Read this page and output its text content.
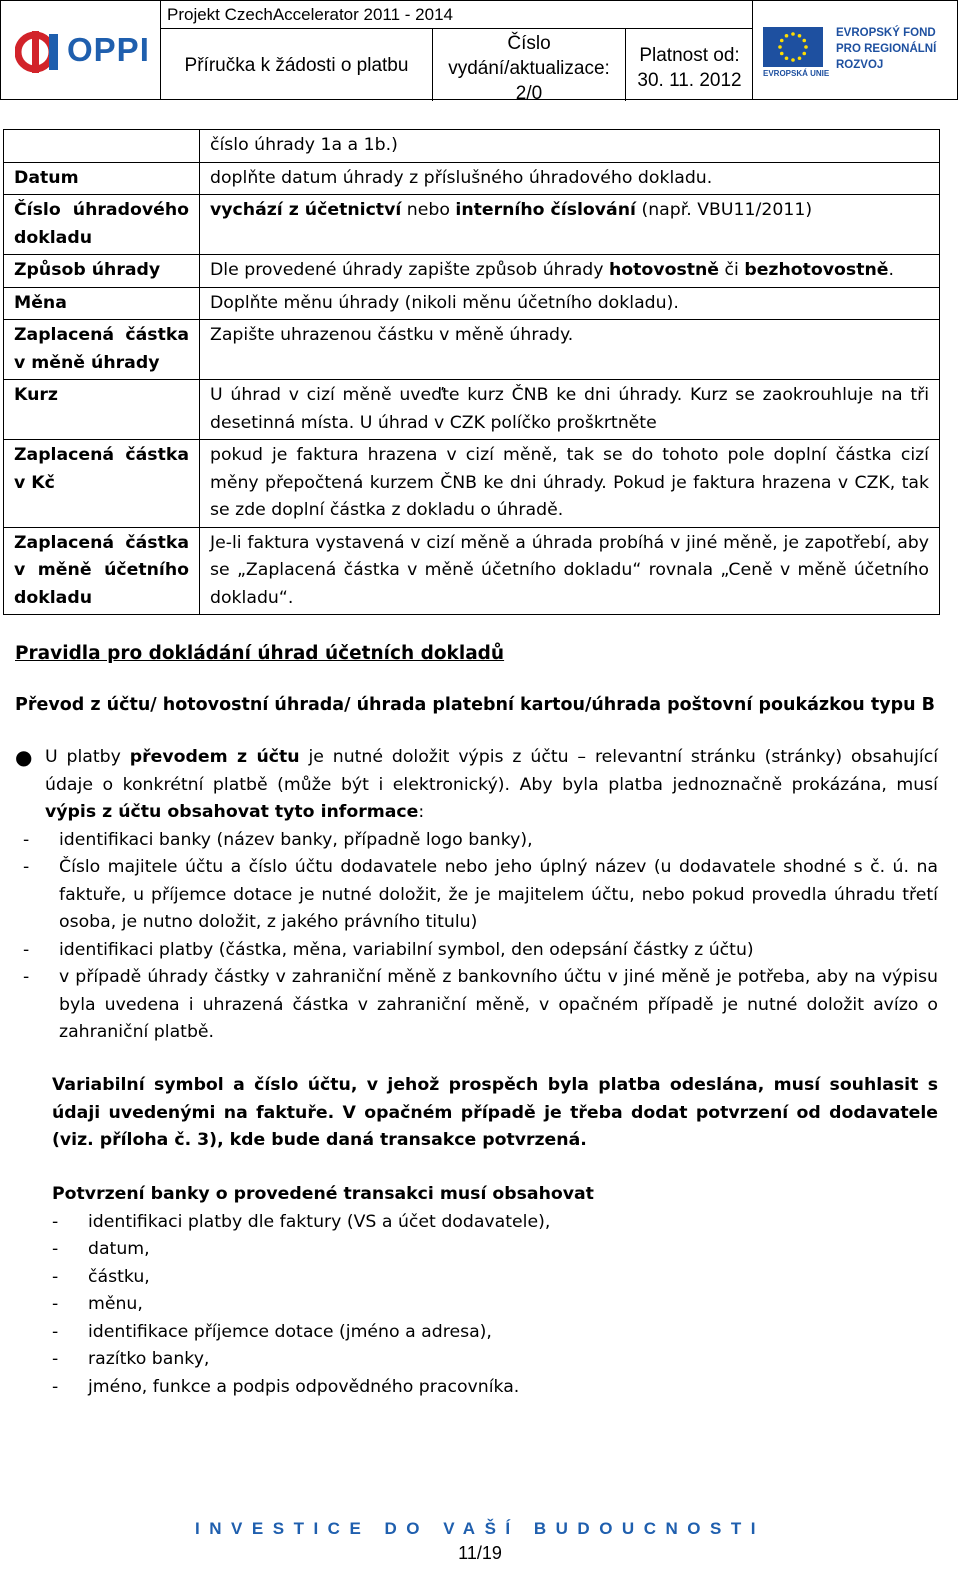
OPPI
Projekt CzechAccelerator 2011 - 2014
Příručka k žádosti o platbu
Číslo
vydání/aktualizace:
2/0
Platnost od:
30. 11. 2012	EVROPSKÁ UNIE
EVROPSKÝ FOND
PRO REGIONÁLNÍ
ROZVOJ
	číslo úhrady 1a a 1b.)
Datum	doplňte datum úhrady z příslušného úhradového dokladu.
Číslo úhradového dokladu	vychází z účetnictví nebo interního číslování (např. VBU11/2011)
Způsob úhrady	Dle provedené úhrady zapište způsob úhrady hotovostně či bezhotovostně.
Měna	Doplňte měnu úhrady (nikoli měnu účetního dokladu).
Zaplacená částka v měně úhrady	Zapište uhrazenou částku v měně úhrady.
Kurz	U úhrad v cizí měně uveďte kurz ČNB ke dni úhrady. Kurz se zaokrouhluje na tři desetinná místa. U úhrad v CZK políčko proškrtněte
Zaplacená částka v Kč	pokud je faktura hrazena v cizí měně, tak se do tohoto pole doplní částka cizí měny přepočtená kurzem ČNB ke dni úhrady. Pokud je faktura hrazena v CZK, tak se zde doplní částka z dokladu o úhradě.
Zaplacená částka v měně účetního dokladu	Je-li faktura vystavená v cizí měně a úhrada probíhá v jiné měně, je zapotřebí, aby se „Zaplacená částka v měně účetního dokladu“ rovnala „Ceně v měně účetního dokladu“.
Pravidla pro dokládání úhrad účetních dokladů
Převod z účtu/ hotovostní úhrada/ úhrada platební kartou/úhrada poštovní poukázkou typu B
● U platby převodem z účtu je nutné doložit výpis z účtu – relevantní stránku (stránky) obsahující údaje o konkrétní platbě (může být i elektronický). Aby byla platba jednoznačně prokázána, musí výpis z účtu obsahovat tyto informace:
- identifikaci banky (název banky, případně logo banky),
- Číslo majitele účtu a číslo účtu dodavatele nebo jeho úplný název (u dodavatele shodné s č. ú. na faktuře, u příjemce dotace je nutné doložit, že je majitelem účtu, nebo pokud provedla úhradu třetí osoba, je nutno doložit, z jakého právního titulu)
- identifikaci platby (částka, měna, variabilní symbol, den odepsání částky z účtu)
- v případě úhrady částky v zahraniční měně z bankovního účtu v jiné měně je potřeba, aby na výpisu byla uvedena i uhrazená částka v zahraniční měně, v opačném případě je nutné doložit avízo o zahraniční platbě.
Variabilní symbol a číslo účtu, v jehož prospěch byla platba odeslána, musí souhlasit s údaji uvedenými na faktuře. V opačném případě je třeba dodat potvrzení od dodavatele (viz. příloha č. 3), kde bude daná transakce potvrzená.
Potvrzení banky o provedené transakci musí obsahovat
- identifikaci platby dle faktury (VS a účet dodavatele),
- datum,
- částku,
- měnu,
- identifikace příjemce dotace (jméno a adresa),
- razítko banky,
- jméno, funkce a podpis odpovědného pracovníka.
INVESTICE DO VAŠÍ BUDOUCNOSTI
11/19
